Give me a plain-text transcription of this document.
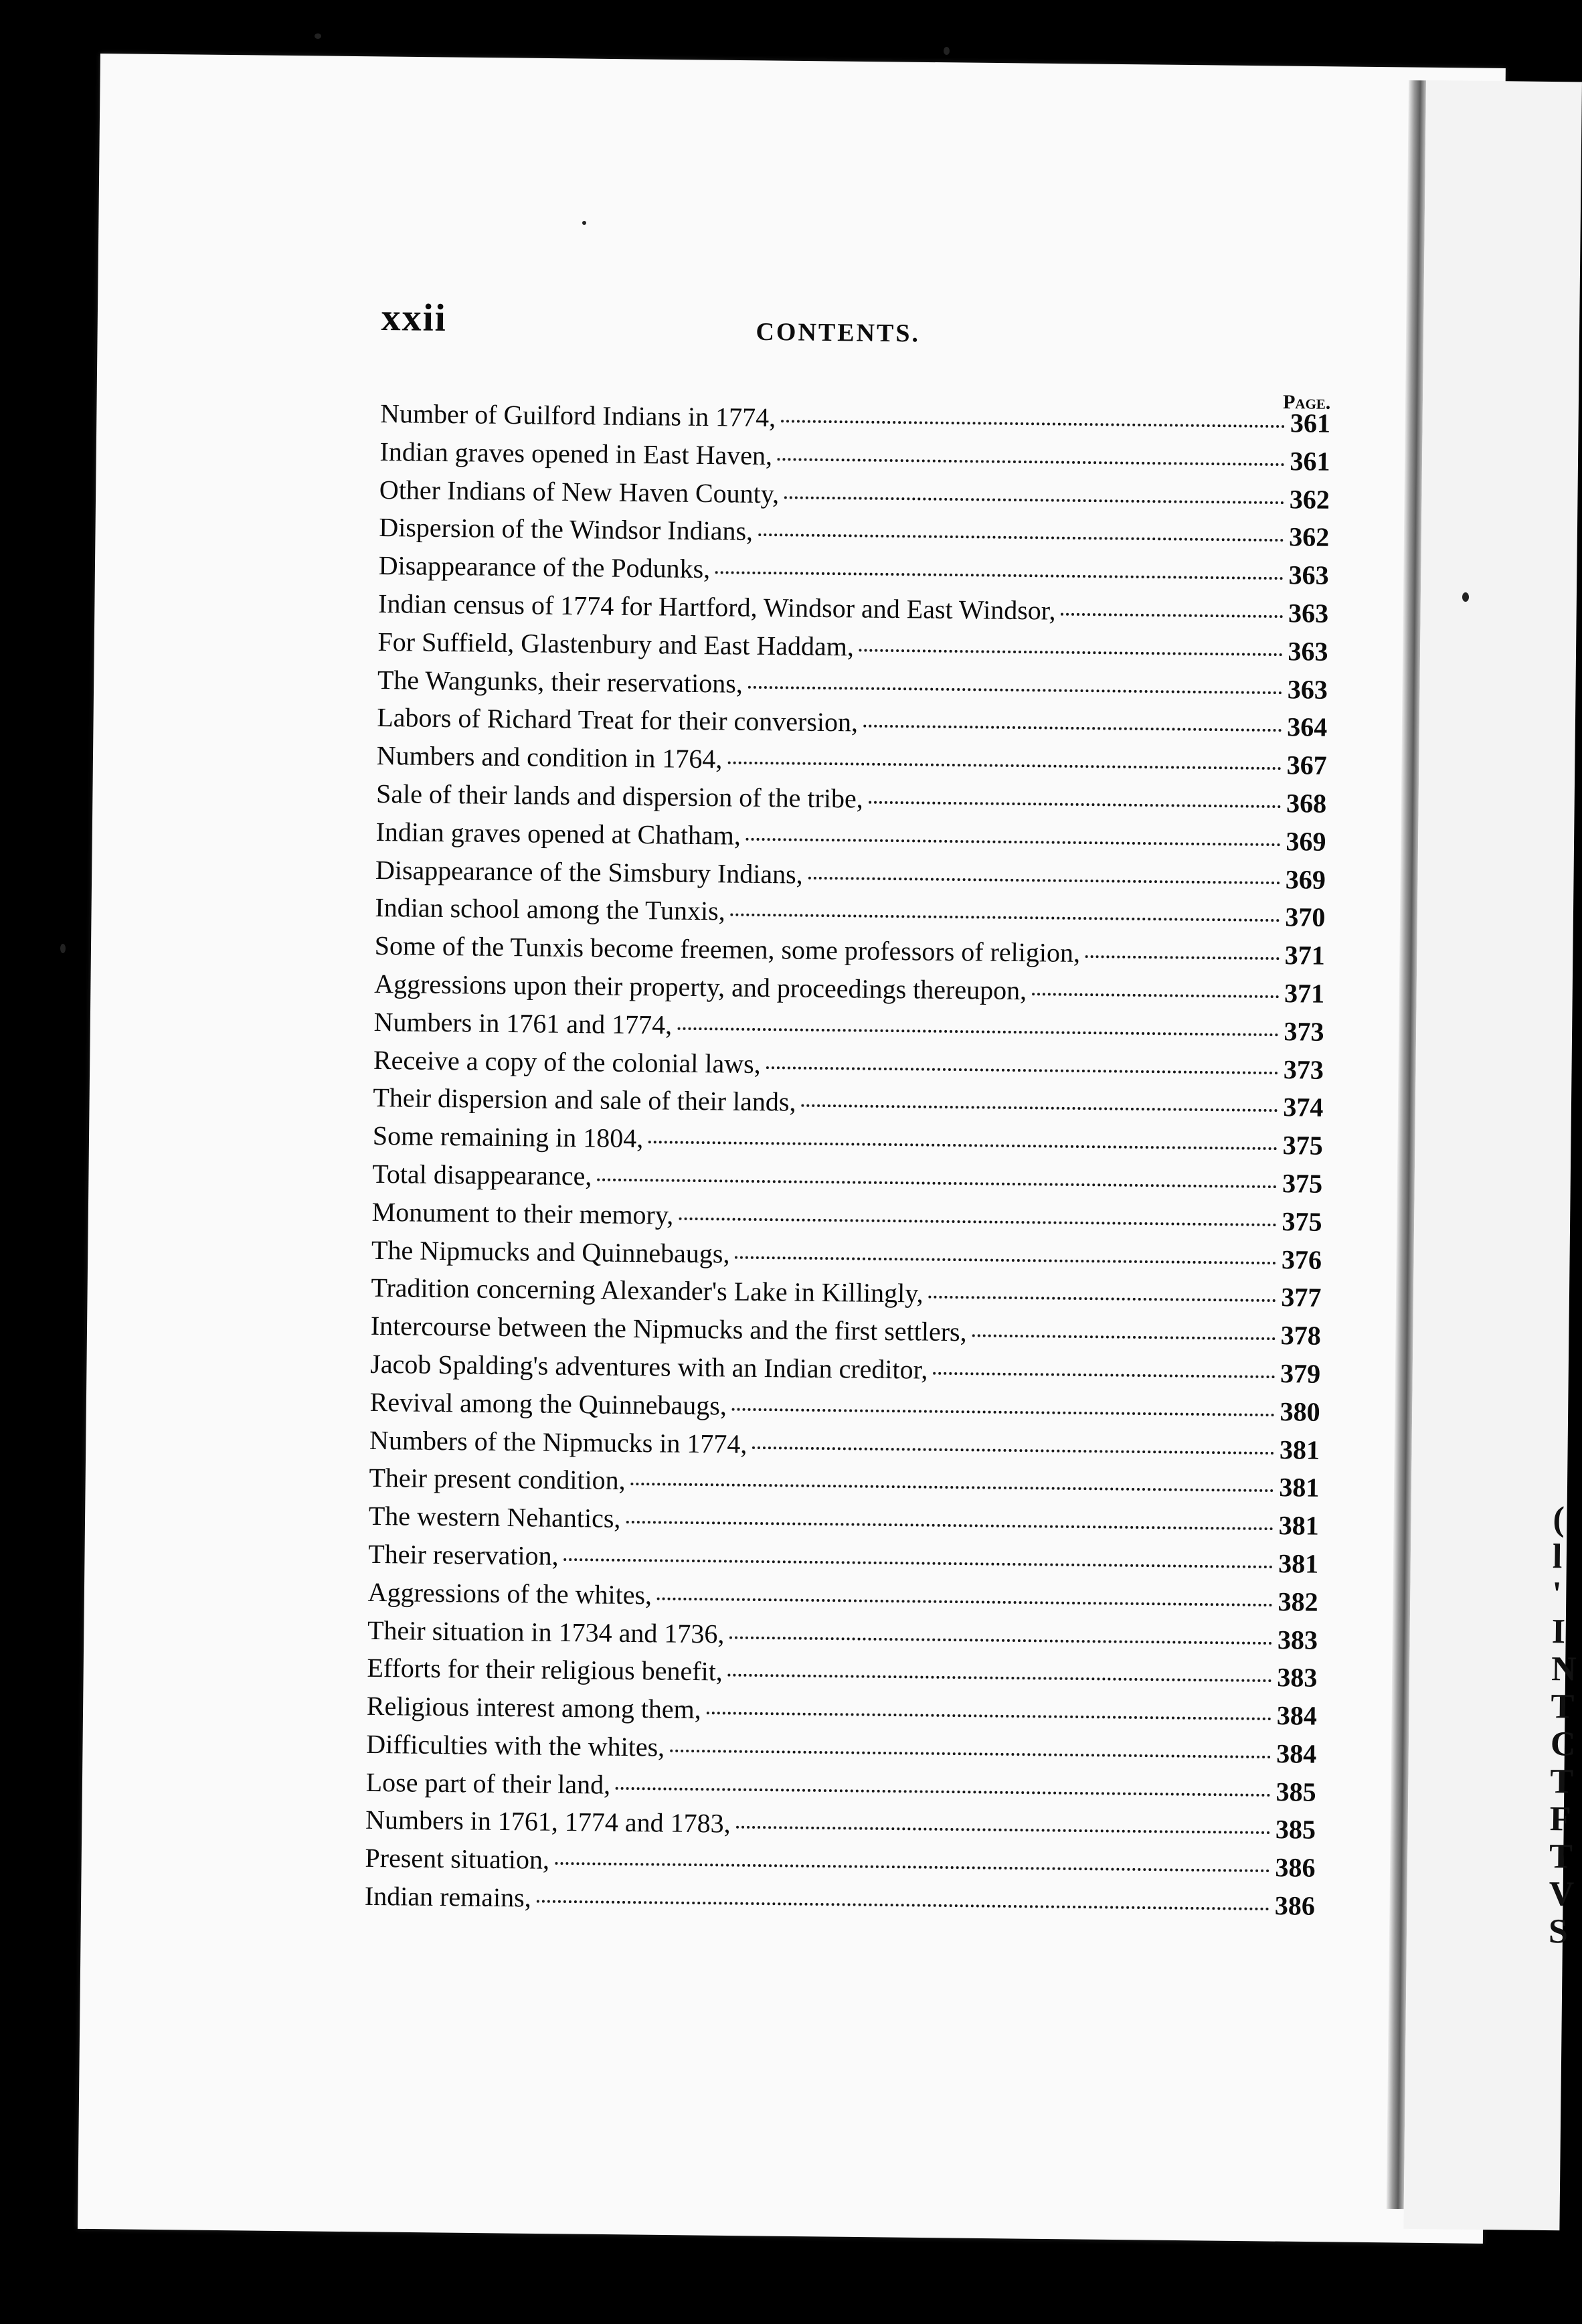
(
l
'
I
N
T
C
T
F
T
V
S
xxii	CONTENTS.
Page.
Number of Guilford Indians in 1774,	361
Indian graves opened in East Haven,	361
Other Indians of New Haven County,	362
Dispersion of the Windsor Indians,	362
Disappearance of the Podunks,	363
Indian census of 1774 for Hartford, Windsor and East Windsor,	363
For Suffield, Glastenbury and East Haddam,	363
The Wangunks, their reservations,	363
Labors of Richard Treat for their conversion,	364
Numbers and condition in 1764,	367
Sale of their lands and dispersion of the tribe,	368
Indian graves opened at Chatham,	369
Disappearance of the Simsbury Indians,	369
Indian school among the Tunxis,	370
Some of the Tunxis become freemen, some professors of religion,	371
Aggressions upon their property, and proceedings thereupon,	371
Numbers in 1761 and 1774,	373
Receive a copy of the colonial laws,	373
Their dispersion and sale of their lands,	374
Some remaining in 1804,	375
Total disappearance,	375
Monument to their memory,	375
The Nipmucks and Quinnebaugs,	376
Tradition concerning Alexander's Lake in Killingly,	377
Intercourse between the Nipmucks and the first settlers,	378
Jacob Spalding's adventures with an Indian creditor,	379
Revival among the Quinnebaugs,	380
Numbers of the Nipmucks in 1774,	381
Their present condition,	381
The western Nehantics,	381
Their reservation,	381
Aggressions of the whites,	382
Their situation in 1734 and 1736,	383
Efforts for their religious benefit,	383
Religious interest among them,	384
Difficulties with the whites,	384
Lose part of their land,	385
Numbers in 1761, 1774 and 1783,	385
Present situation,	386
Indian remains,	386
